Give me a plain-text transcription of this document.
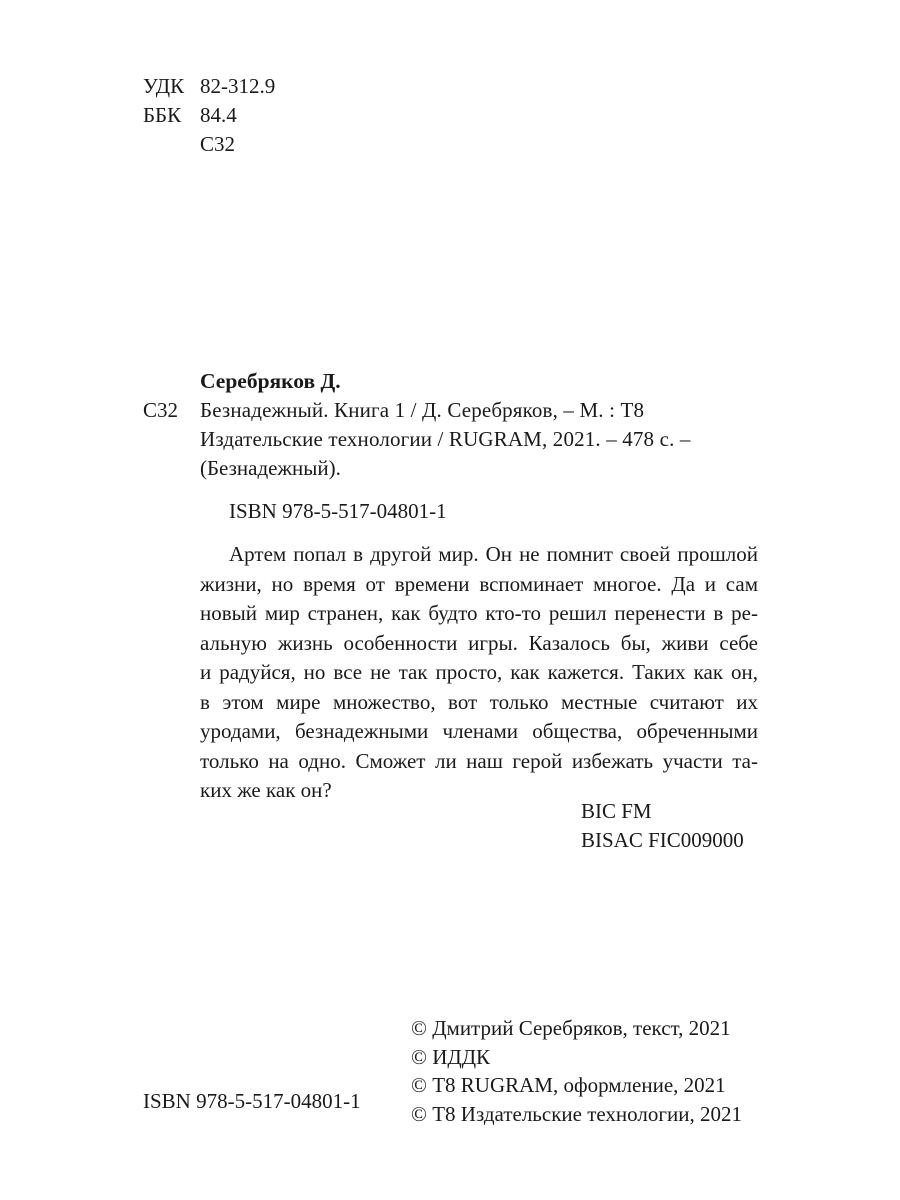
УДК 82-312.9
ББК 84.4
С32
Серебряков Д.
С32 Безнадежный. Книга 1 / Д. Серебряков, – М. : Т8
Издательские технологии / RUGRAM, 2021. – 478 с. –
(Безнадежный).
ISBN 978-5-517-04801-1
Артем попал в другой мир. Он не помнит своей прошлой
жизни, но время от времени вспоминает многое. Да и сам
новый мир странен, как будто кто-то решил перенести в ре-
альную жизнь особенности игры. Казалось бы, живи себе
и радуйся, но все не так просто, как кажется. Таких как он,
в этом мире множество, вот только местные считают их
уродами, безнадежными членами общества, обреченными
только на одно. Сможет ли наш герой избежать участи та-
ких же как он?
BIC FM
BISAC FIC009000
© Дмитрий Серебряков, текст, 2021
© ИДДК
© Т8 RUGRAM, оформление, 2021
© Т8 Издательские технологии, 2021
ISBN 978-5-517-04801-1
